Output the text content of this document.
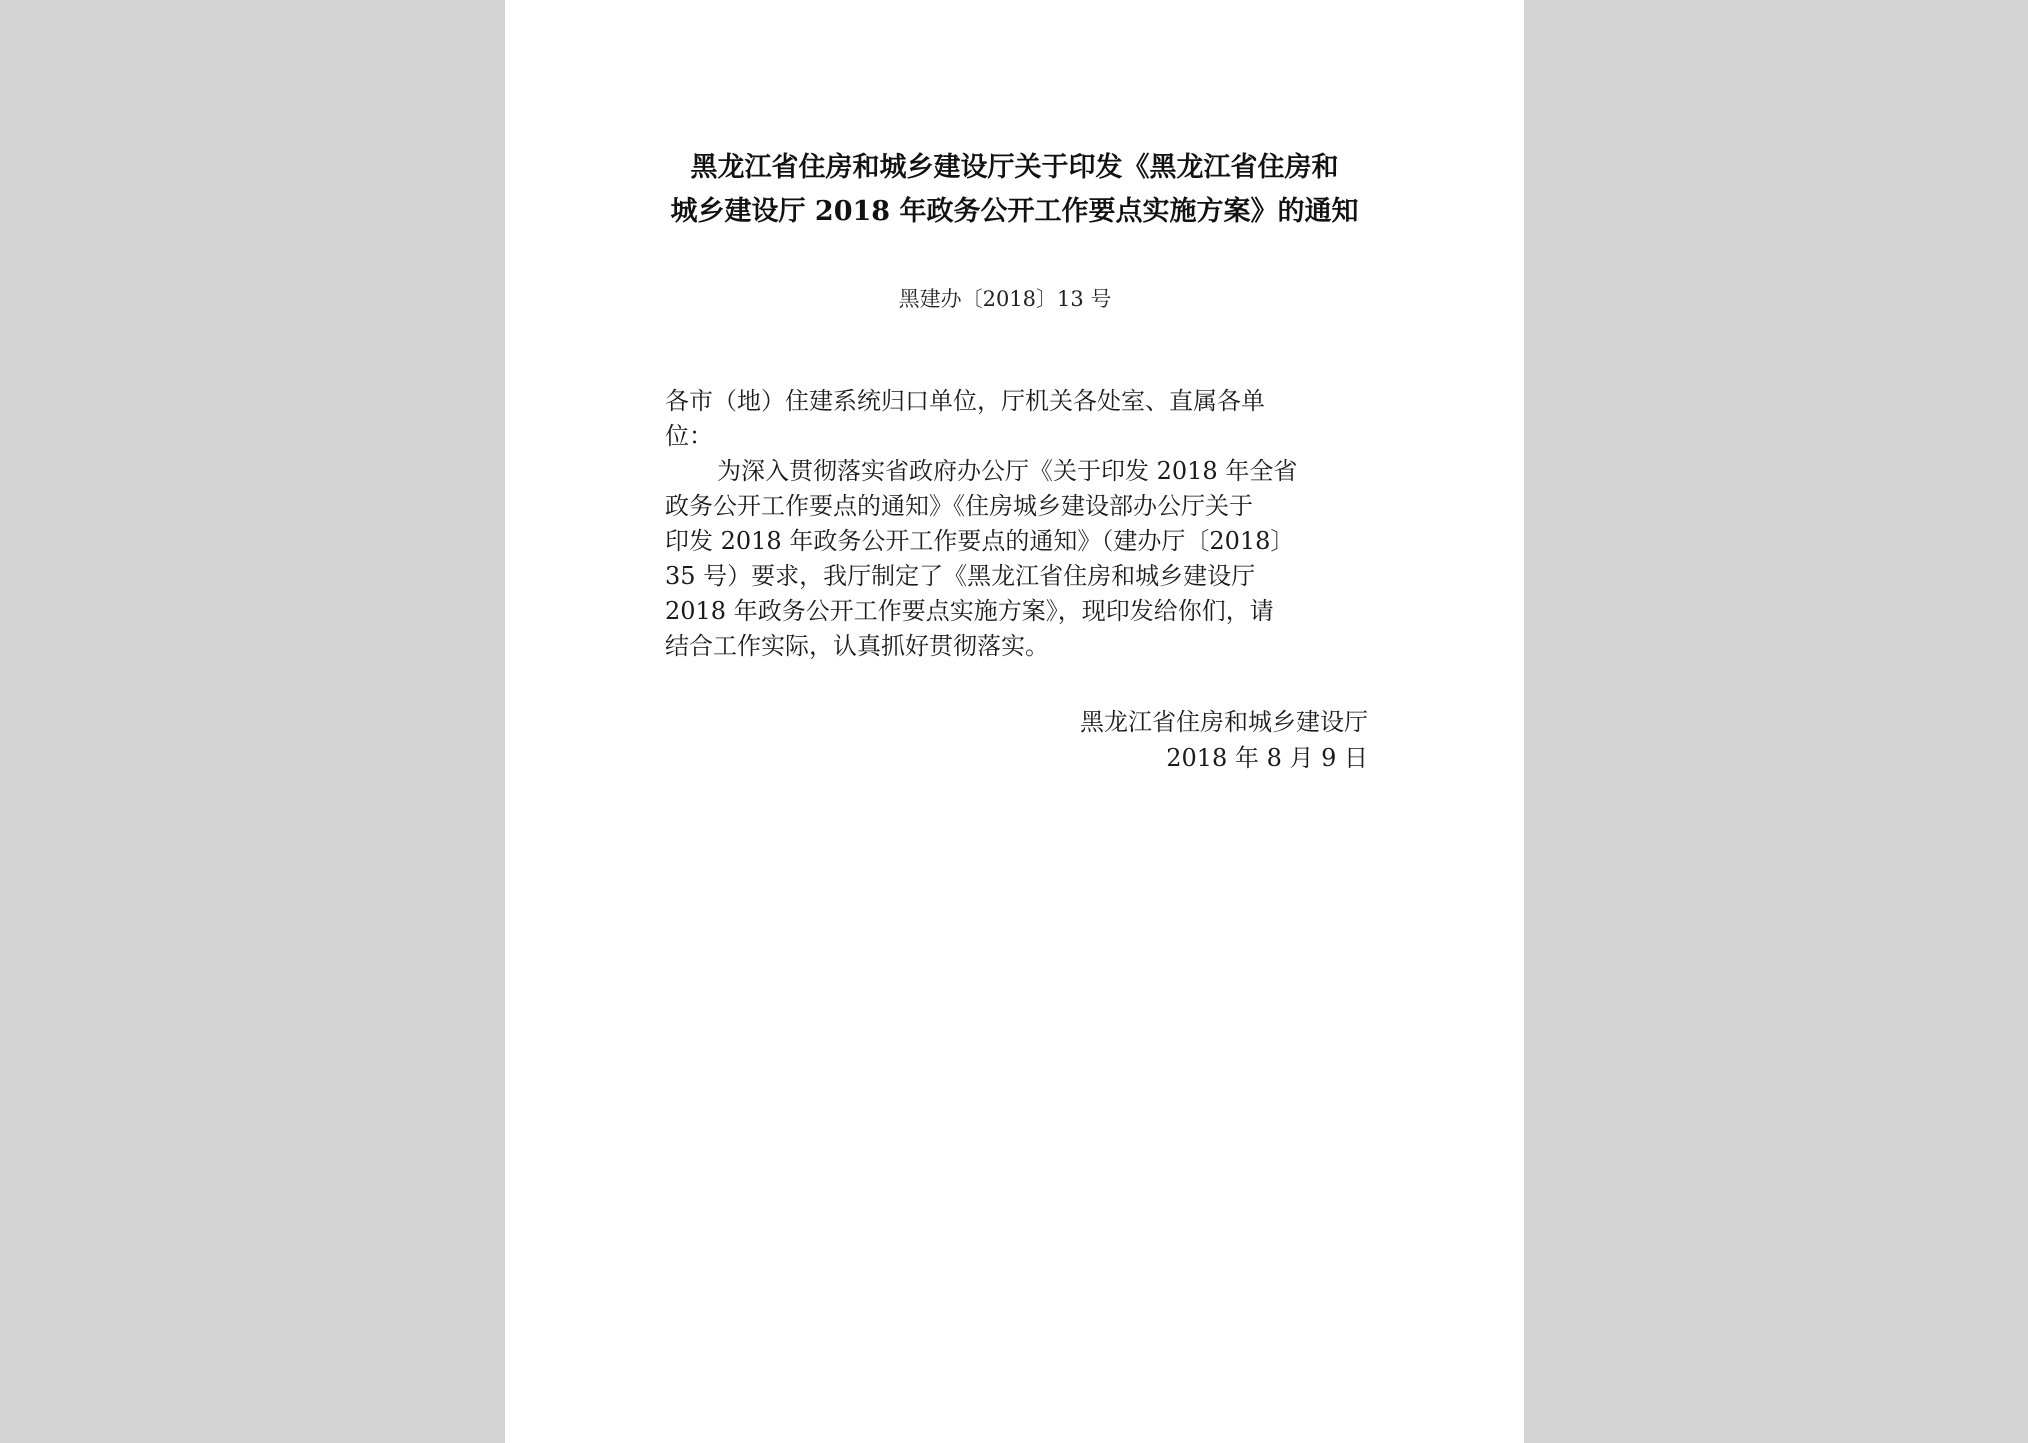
黑龙江省住房和城乡建设厅关于印发《黑龙江省住房和
城乡建设厅 2018 年政务公开工作要点实施方案》的通知
黑建办〔2018〕13 号
各市（地）住建系统归口单位，厅机关各处室、直属各单
位：
为深入贯彻落实省政府办公厅《关于印发 2018 年全省
政务公开工作要点的通知》《住房城乡建设部办公厅关于
印发 2018 年政务公开工作要点的通知》（建办厅〔2018〕
35 号）要求，我厅制定了《黑龙江省住房和城乡建设厅
2018 年政务公开工作要点实施方案》，现印发给你们，请
结合工作实际，认真抓好贯彻落实。
黑龙江省住房和城乡建设厅
2018 年 8 月 9 日
